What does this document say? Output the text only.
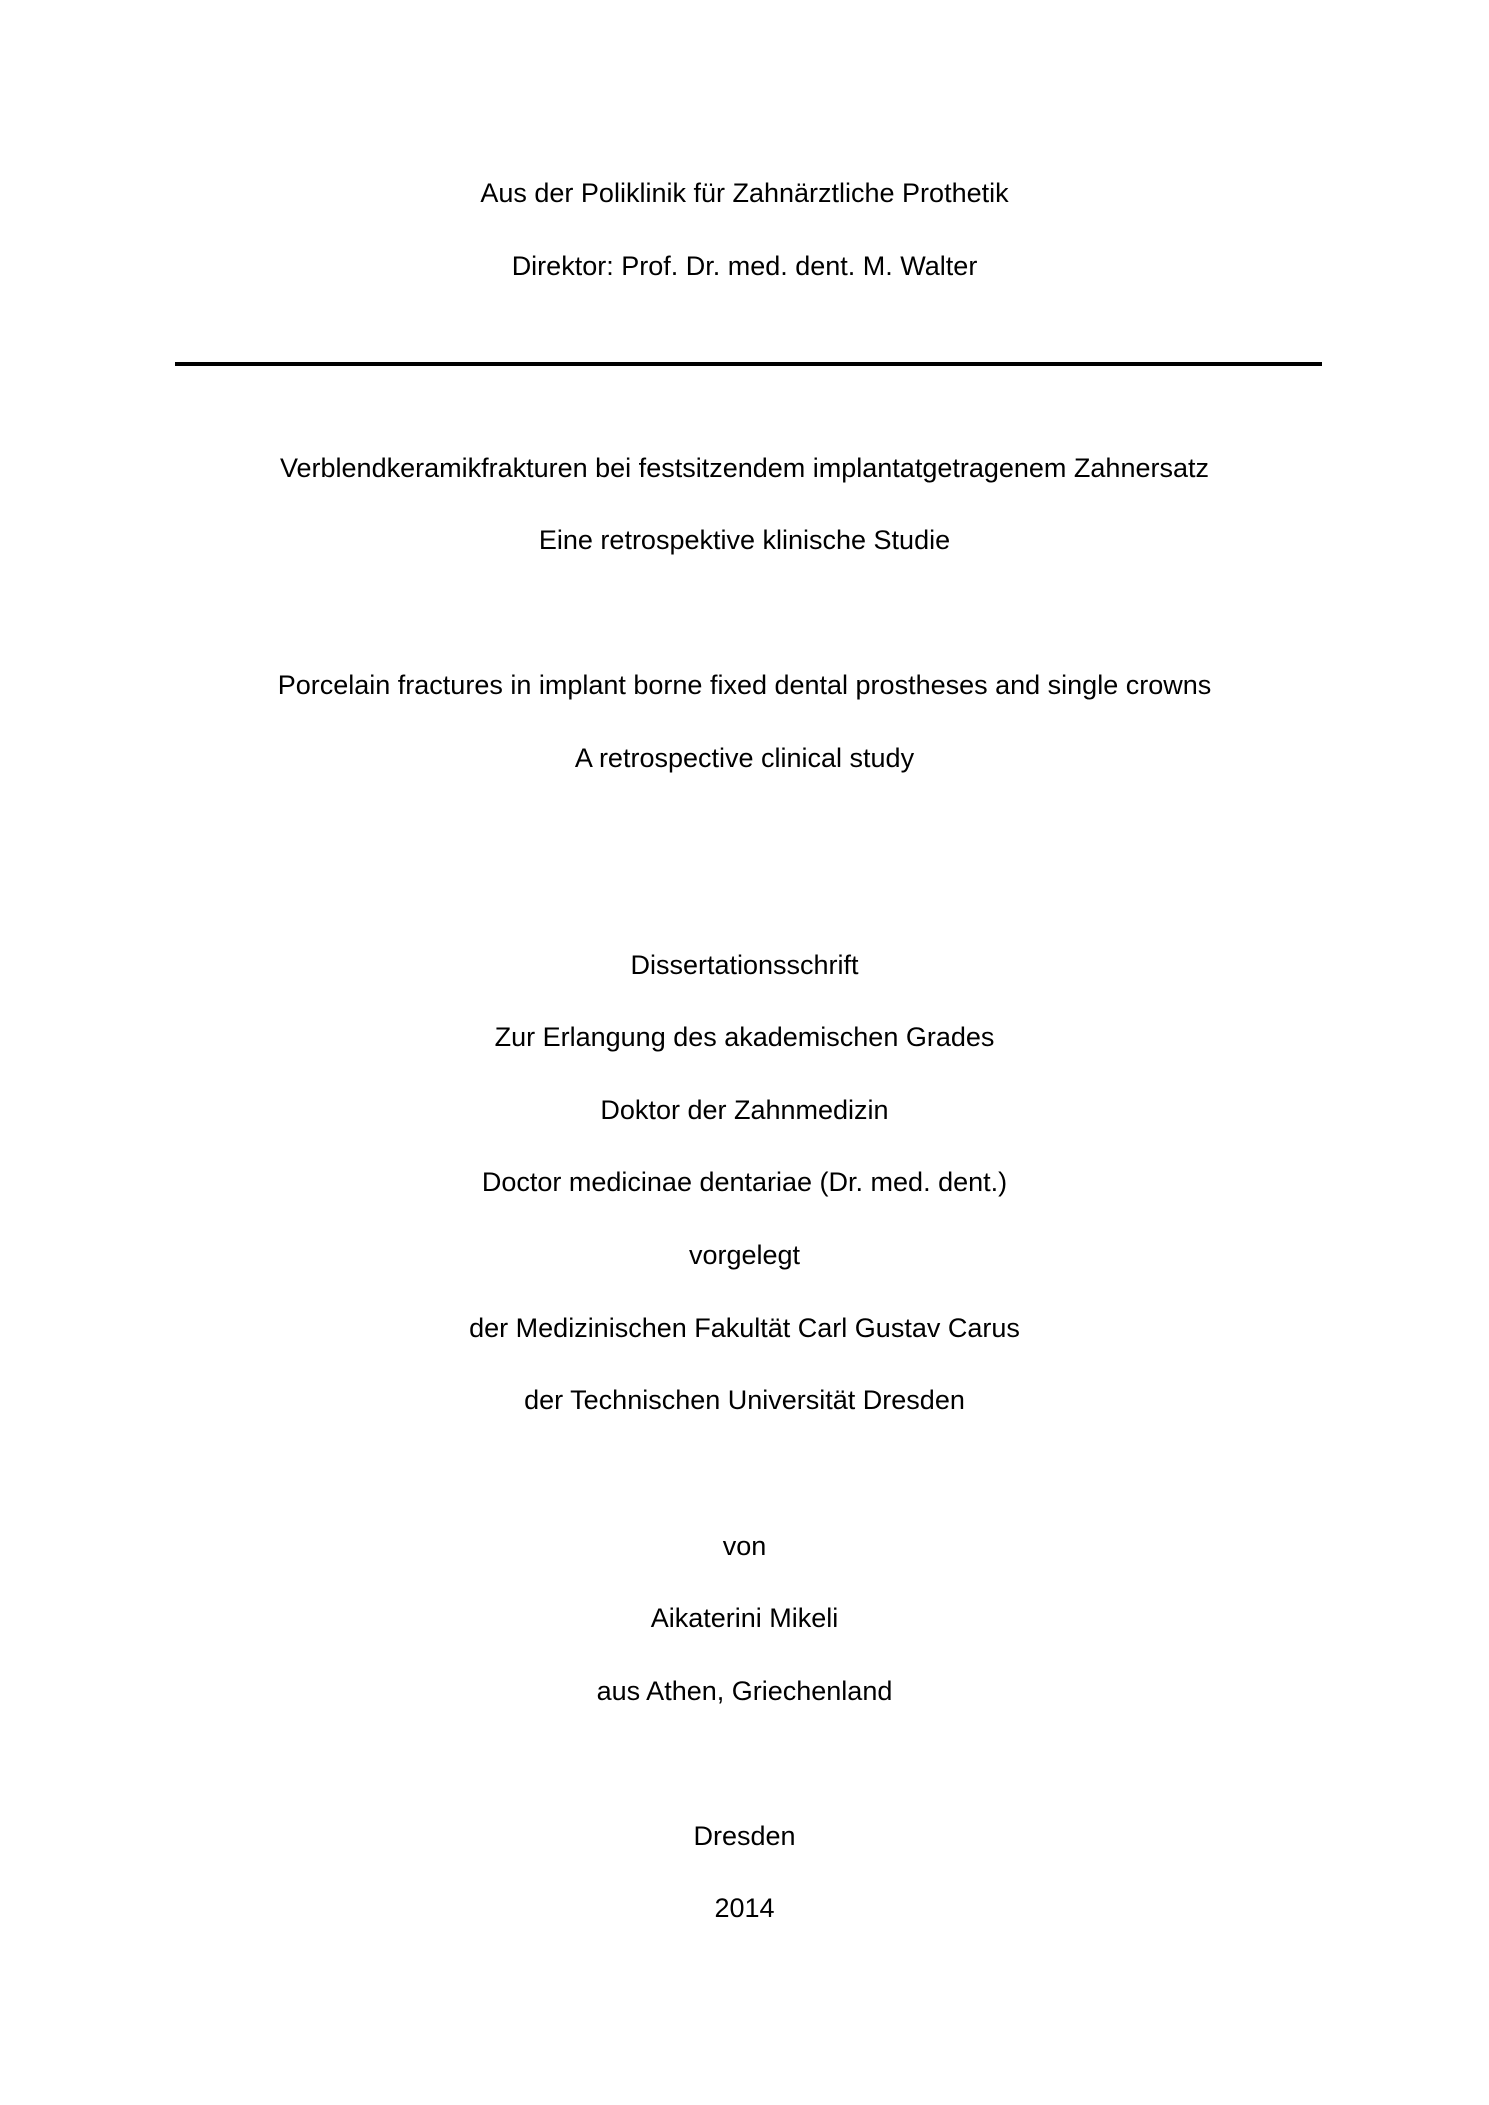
Aus der Poliklinik für Zahnärztliche Prothetik
Direktor: Prof. Dr. med. dent. M. Walter
Verblendkeramikfrakturen bei festsitzendem implantatgetragenem Zahnersatz
Eine retrospektive klinische Studie
Porcelain fractures in implant borne fixed dental prostheses and single crowns
A retrospective clinical study
Dissertationsschrift
Zur Erlangung des akademischen Grades
Doktor der Zahnmedizin
Doctor medicinae dentariae (Dr. med. dent.)
vorgelegt
der Medizinischen Fakultät Carl Gustav Carus
der Technischen Universität Dresden
von
Aikaterini Mikeli
aus Athen, Griechenland
Dresden
2014
